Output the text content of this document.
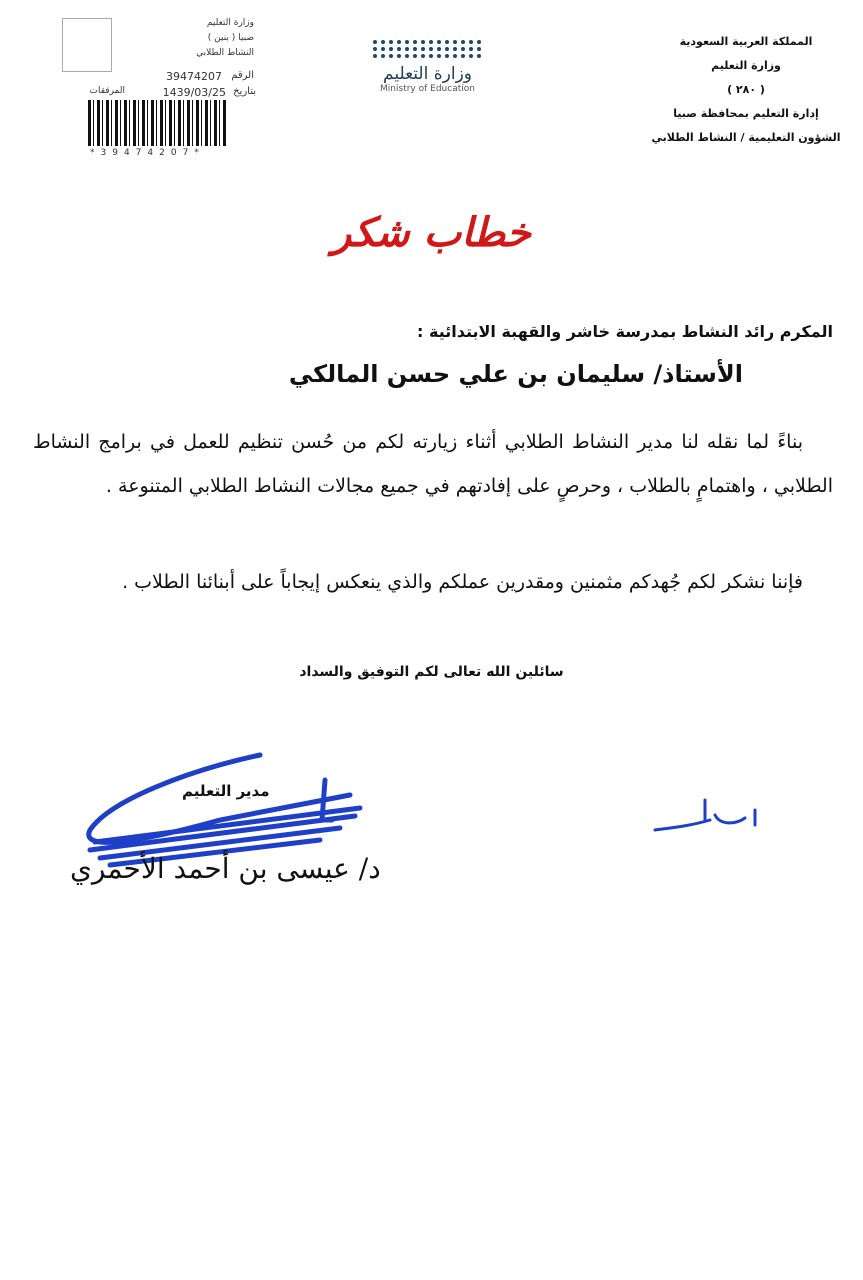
المملكة العربية السعودية
وزارة التعليم
( ٢٨٠ )
إدارة التعليم بمحافظة صبيا
الشؤون التعليمية / النشاط الطلابي
وزارة التعليم
Ministry of Education
وزارة التعليم
صبيا ( بنين )
النشاط الطلابي
الرقم
39474207
بتاريخ
1439/03/25
المرفقات
*39474207*
خطاب شكر
المكرم رائد النشاط بمدرسة خاشر والقهبة الابتدائية :
الأستاذ/ سليمان بن علي حسن المالكي
بناءً لما نقله لنا مدير النشاط الطلابي أثناء زيارته لكم من حُسن تنظيم للعمل في برامج النشاط الطلابي ، واهتمامٍ بالطلاب ، وحرصٍ على إفادتهم في جميع مجالات النشاط الطلابي المتنوعة .
فإننا نشكر لكم جُهدكم مثمنين ومقدرين عملكم والذي ينعكس إيجاباً على أبنائنا الطلاب .
سائلين الله تعالى لكم التوفيق والسداد
مدير التعليم
د/ عيسى بن أحمد الأحمري
